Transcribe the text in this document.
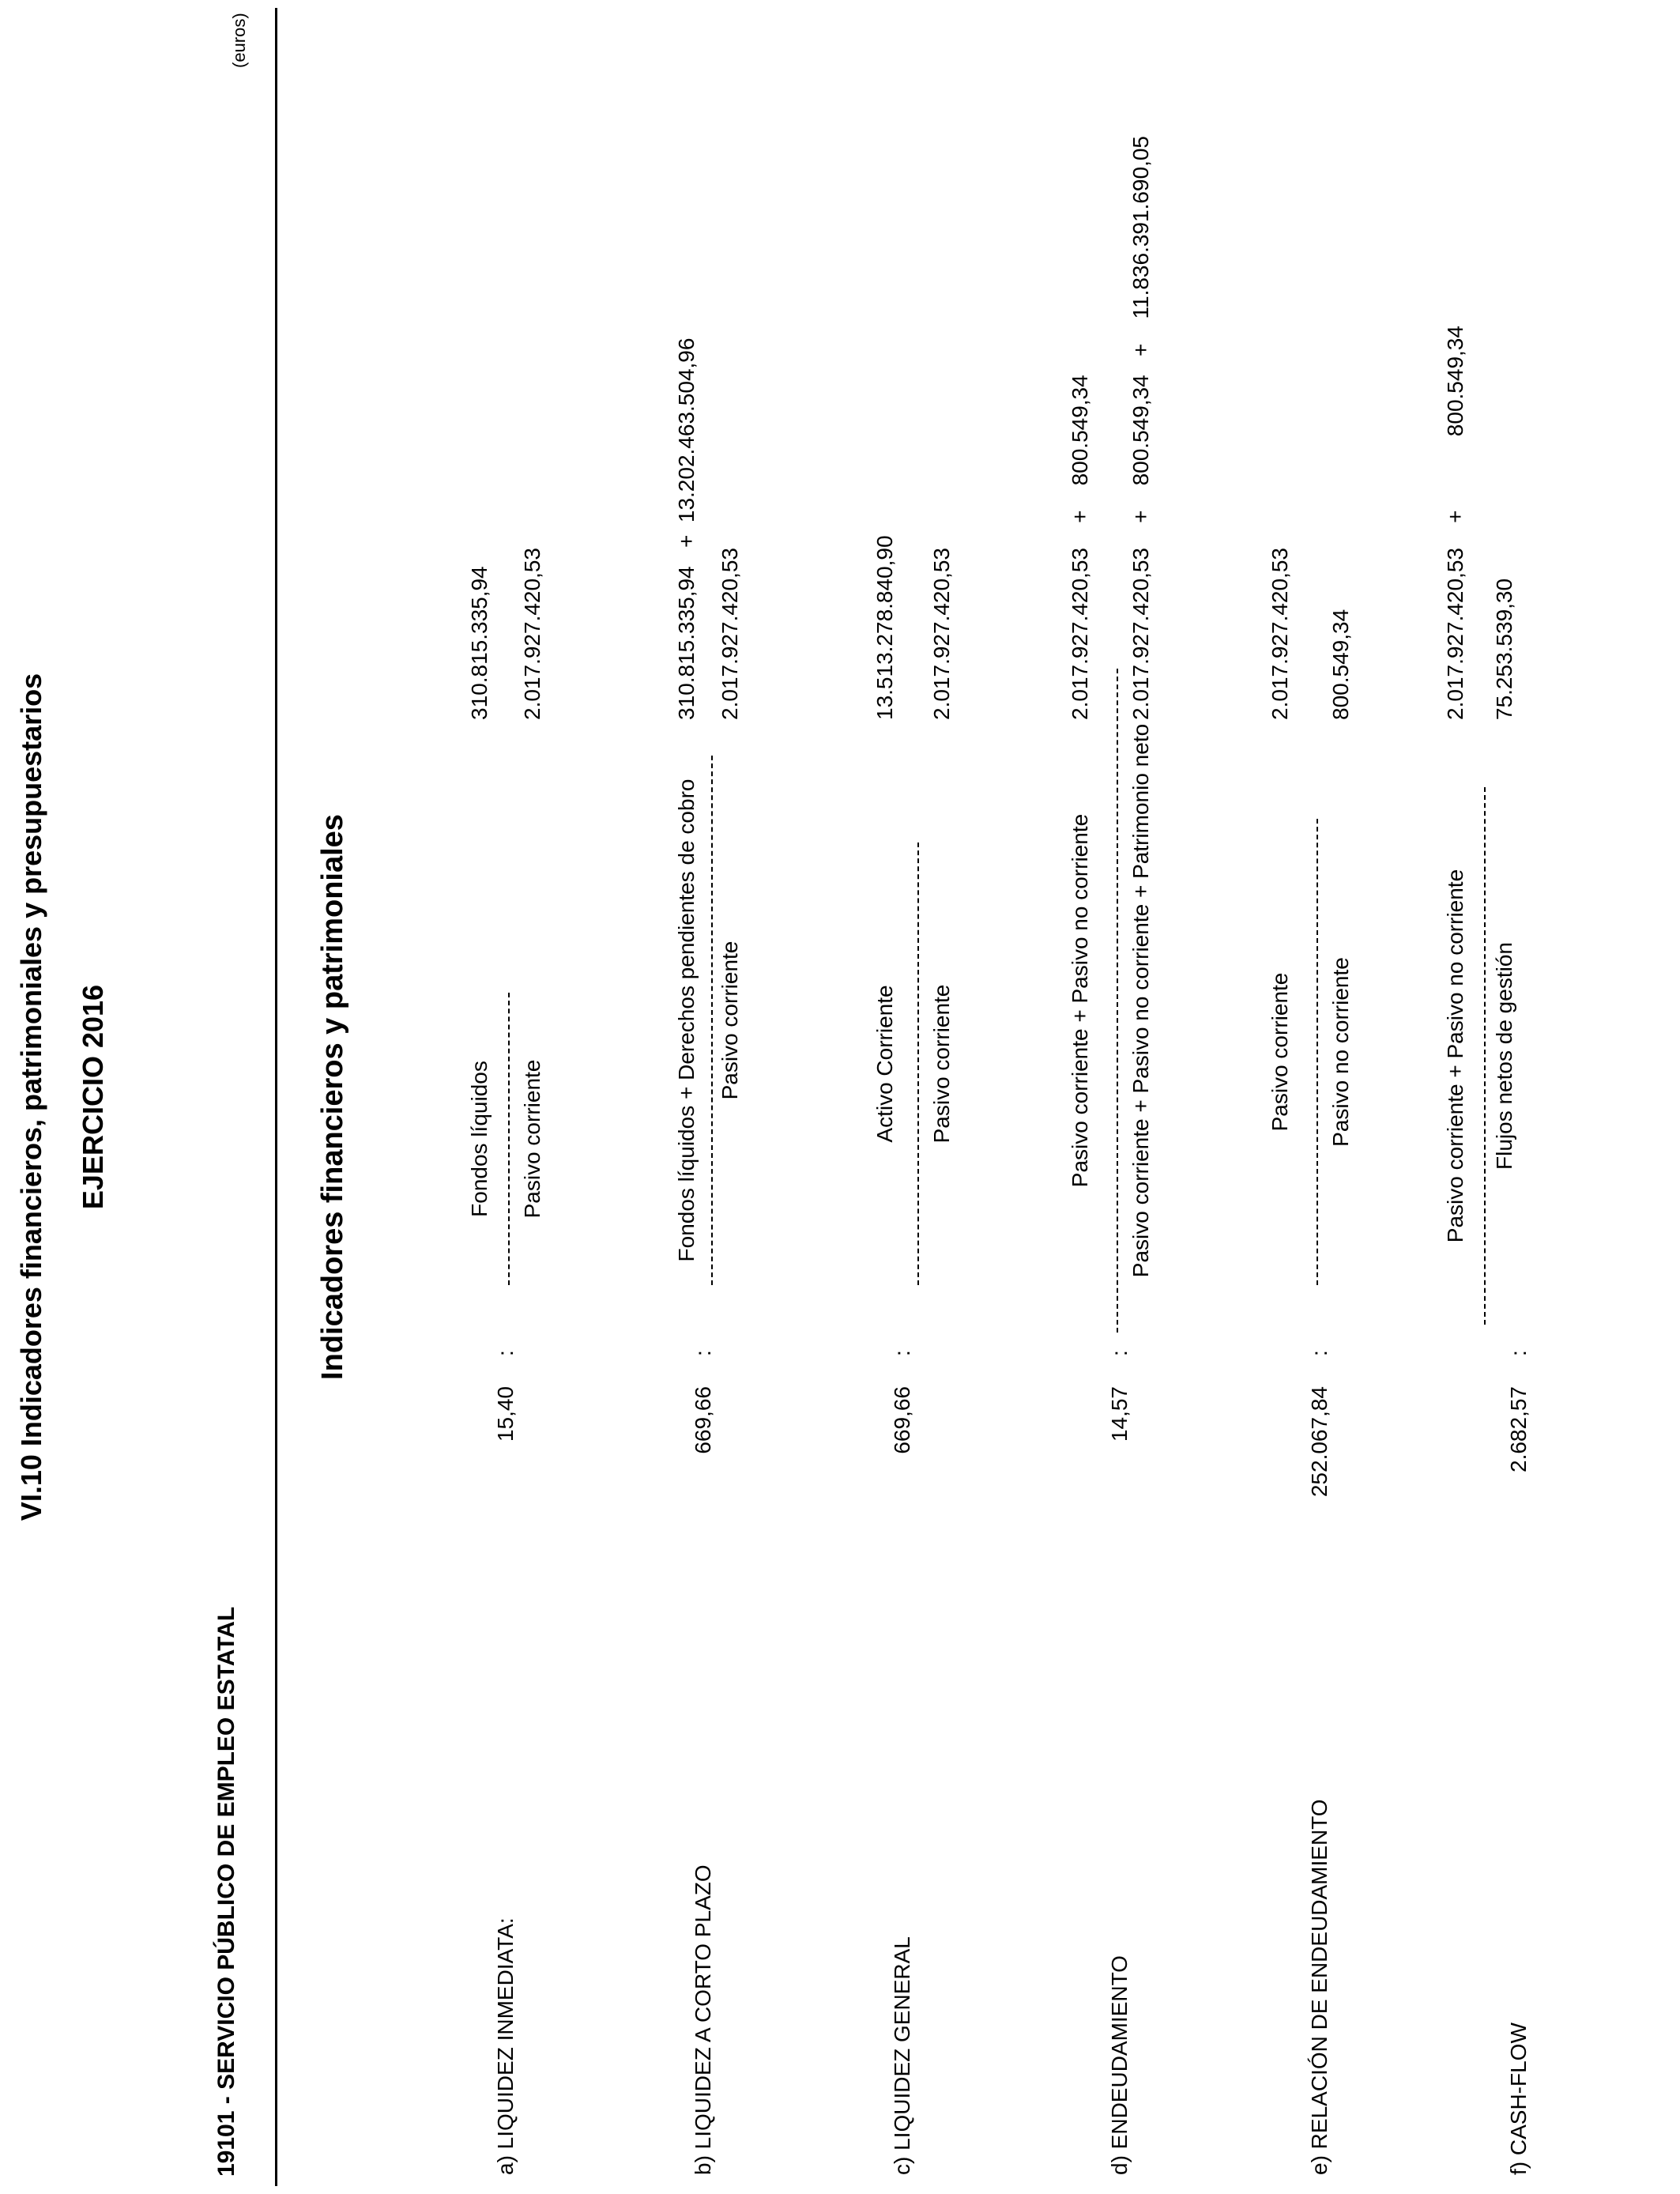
VI.10 Indicadores financieros, patrimoniales y presupuestarios EJERCICIO 2016
(euros)
19101 - SERVICIO PÚBLICO DE EMPLEO ESTATAL
Indicadores financieros y patrimoniales
a) LIQUIDEZ INMEDIATA:
15,40
:
Fondos líquidos Pasivo corriente
310.815.335,94 2.017.927.420,53
b) LIQUIDEZ A CORTO PLAZO
669,66
:
Fondos líquidos + Derechos pendientes de cobro Pasivo corriente
310.815.335,94   +  13.202.463.504,96 2.017.927.420,53
c) LIQUIDEZ GENERAL
669,66
:
Activo Corriente Pasivo corriente
13.513.278.840,90 2.017.927.420,53
d) ENDEUDAMIENTO
14,57
:
Pasivo corriente + Pasivo no corriente Pasivo corriente + Pasivo no corriente + Patrimonio neto
2.017.927.420,53    +    800.549,34 2.017.927.420,53    +    800.549,34   +    11.836.391.690,05
e) RELACIÓN DE ENDEUDAMIENTO
252.067,84
:
Pasivo corriente Pasivo no corriente
2.017.927.420,53 800.549,34
f) CASH-FLOW
2.682,57
:
Pasivo corriente + Pasivo no corriente Flujos netos de gestión
2.017.927.420,53    +            800.549,34 75.253.539,30
